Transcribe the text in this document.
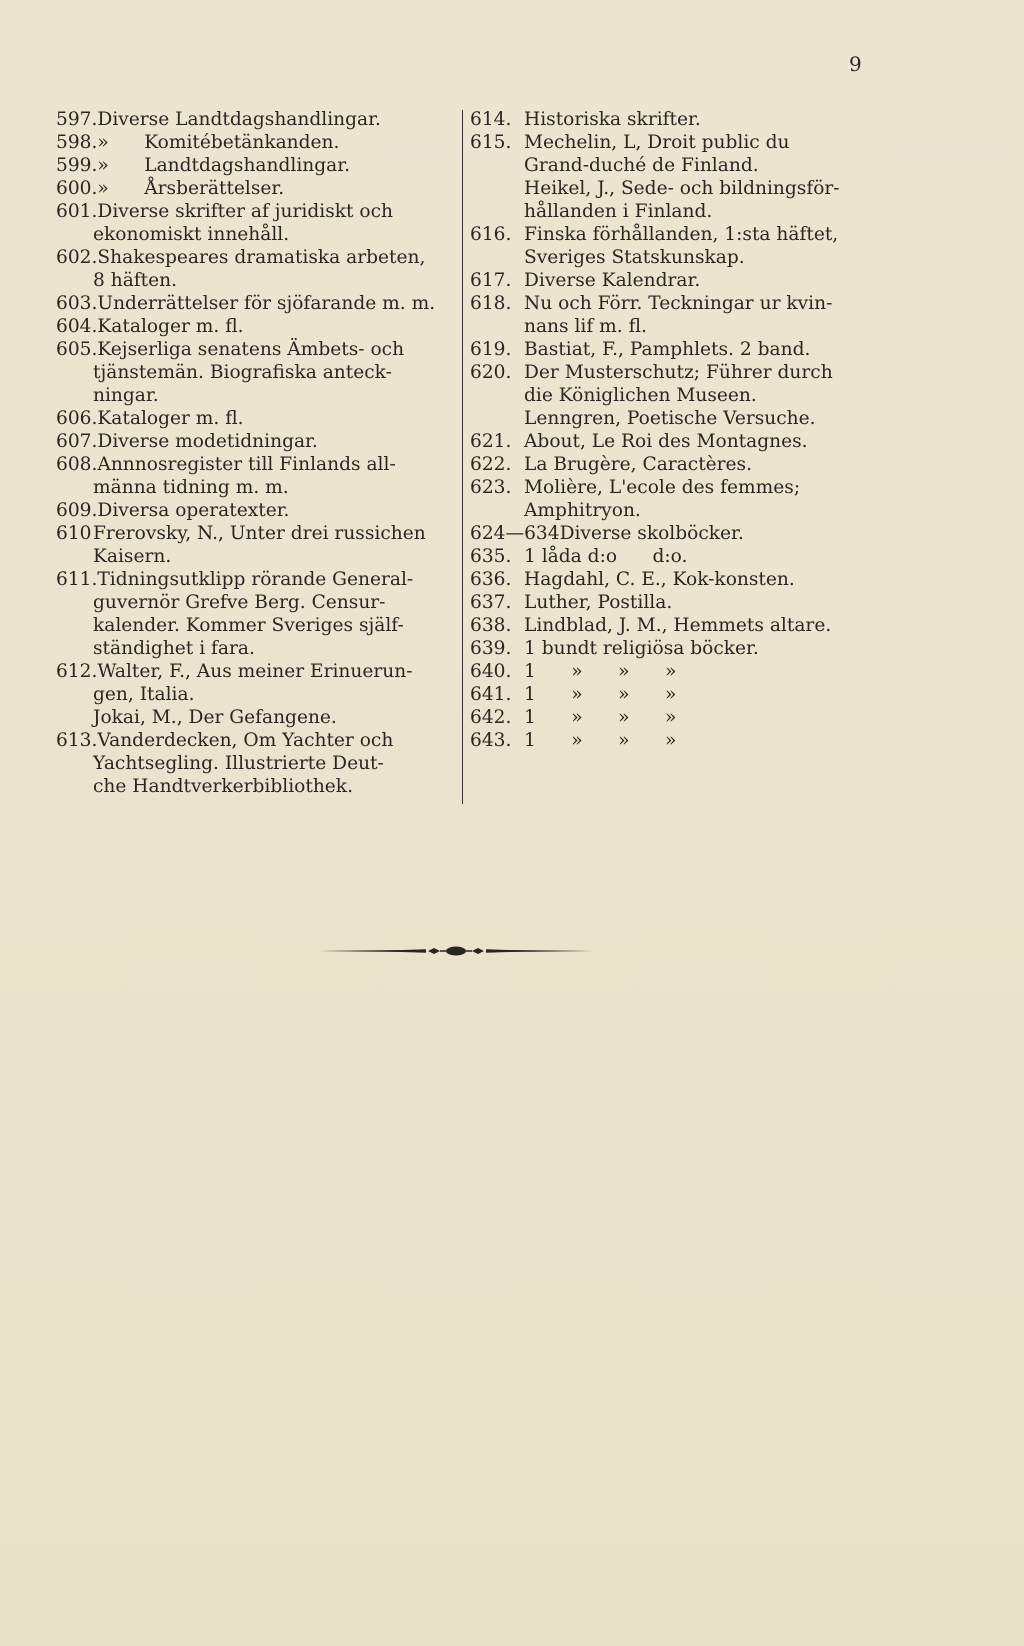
9
597. Diverse Landtdagshandlingar.
598. »      Komitébetänkanden.
599. »      Landtdagshandlingar.
600. »      Årsberättelser.
601. Diverse skrifter af juridiskt och
ekonomiskt innehåll.
602. Shakespeares dramatiska arbeten,
8 häften.
603. Underrättelser för sjöfarande m. m.
604. Kataloger m. fl.
605. Kejserliga senatens Ämbets- och
tjänstemän. Biografiska anteck-
ningar.
606. Kataloger m. fl.
607. Diverse modetidningar.
608. Annnosregister till Finlands all-
männa tidning m. m.
609. Diversa operatexter.
610 Frerovsky, N., Unter drei russichen
Kaisern.
611. Tidningsutklipp rörande General-
guvernör Grefve Berg. Censur-
kalender. Kommer Sveriges själf-
ständighet i fara.
612. Walter, F., Aus meiner Erinuerun-
gen, Italia.
Jokai, M., Der Gefangene.
613. Vanderdecken, Om Yachter och
Yachtsegling. Illustrierte Deut-
che Handtverkerbibliothek.
614. Historiska skrifter.
615. Mechelin, L, Droit public du
Grand-duché de Finland.
Heikel, J., Sede- och bildningsför-
hållanden i Finland.
616. Finska förhållanden, 1:sta häftet,
Sveriges Statskunskap.
617. Diverse Kalendrar.
618. Nu och Förr. Teckningar ur kvin-
nans lif m. fl.
619. Bastiat, F., Pamphlets. 2 band.
620. Der Musterschutz; Führer durch
die Königlichen Museen.
Lenngren, Poetische Versuche.
621. About, Le Roi des Montagnes.
622. La Brugère, Caractères.
623. Molière, L'ecole des femmes;
Amphitryon.
624—634 Diverse skolböcker.
635. 1 låda d:o      d:o.
636. Hagdahl, C. E., Kok-konsten.
637. Luther, Postilla.
638. Lindblad, J. M., Hemmets altare.
639. 1 bundt religiösa böcker.
640. 1      »      »      »
641. 1      »      »      »
642. 1      »      »      »
643. 1      »      »      »
